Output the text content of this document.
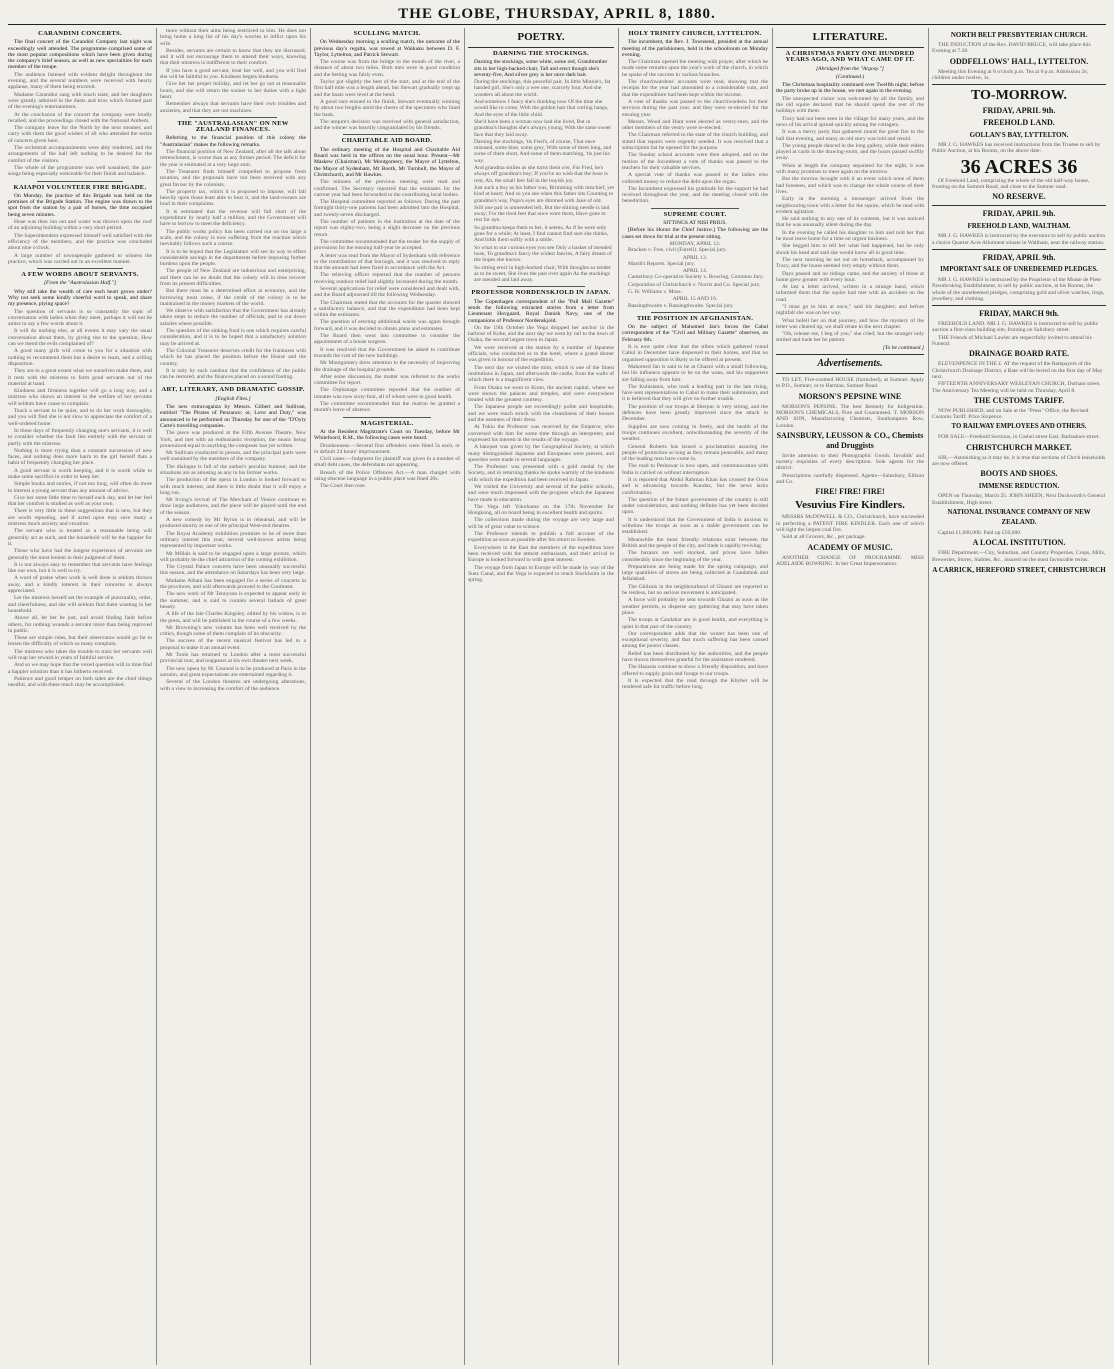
THE GLOBE, THURSDAY, APRIL 8, 1880.
CARANDINI CONCERTS.

The final concert of the Carandini Company last night was exceedingly well attended. The programme comprised some of the most popular compositions which have been given during the company's brief season, as well as new specialities for each member of the troupe.

The audience listened with evident delight throughout the evening, and the several numbers were received with hearty applause, many of them being encored.

Madame Carandini sang with much taste, and her daughters were greatly admired in the duets and trios which formed part of the evening's entertainment.

At the conclusion of the concert the company were loudly recalled, and the proceedings closed with the National Anthem.

The company leave for the North by the next steamer, and carry with them the good wishes of all who attended the series of concerts given here.

The orchestral accompaniments were ably rendered, and the arrangements of the hall left nothing to be desired for the comfort of the visitors.

The whole of the programme was well sustained, the part-songs being especially noticeable for their finish and balance.

KAIAPOI VOLUNTEER FIRE BRIGADE.

On Monday, the practice of this Brigade was held on the premises of the Brigade Station. The engine was drawn to the spot from the station by a pair of horses, the time occupied being seven minutes.

Hose was then run out and water was thrown upon the roof of an adjoining building within a very short period.

The Superintendent expressed himself well satisfied with the efficiency of the members, and the practice was concluded about nine o'clock.

A large number of townspeople gathered to witness the practice, which was carried out in an excellent manner.

A FEW WORDS ABOUT SERVANTS.
[From the "Australasian Half."]

Why still take the wealth of care each heart grows under? Why not seek some kindly cheerful word to speak, and share my presence, plying space?

The question of servants is so constantly the topic of conversation with ladies when they meet, perhaps it will not be amiss to say a few words about it.

It will do nothing else, at all events it may vary the usual conversation about them, by giving rise to the question, How can we mend the evils complained of?

A good many girls will come to you for a situation with nothing to recommend them but a desire to learn, and a willing disposition.

They are to a great extent what we ourselves make them, and it rests with the mistress to form good servants out of the material at hand.

Kindness and firmness together will go a long way, and a mistress who shows an interest in the welfare of her servants will seldom have cause to complain.

Teach a servant to be quiet, and to do her work thoroughly, and you will find she is not slow to appreciate the comfort of a well-ordered home.

In these days of frequently changing one's servants, it is well to consider whether the fault lies entirely with the servant or partly with the mistress.

Nothing is more trying than a constant succession of new faces, and nothing does more harm to the girl herself than a habit of frequently changing her place.

A good servant is worth keeping, and it is worth while to make some sacrifice in order to keep her.

Simple books and stories, if not too long, will often do more to interest a young servant than any amount of advice.

Give her some little time to herself each day, and let her feel that her comfort is studied as well as your own.

There is very little in these suggestions that is new, but they are worth repeating, and if acted upon may save many a mistress much anxiety and vexation.

The servant who is treated as a reasonable being will generally act as such, and the household will be the happier for it.

Those who have had the longest experience of servants are generally the most lenient in their judgment of them.

It is not always easy to remember that servants have feelings like our own, but it is well to try.

A word of praise when work is well done is seldom thrown away, and a kindly interest in their concerns is always appreciated.

Let the mistress herself set the example of punctuality, order, and cheerfulness, and she will seldom find them wanting in her household.

Above all, let her be just, and avoid finding fault before others, for nothing wounds a servant more than being reproved in public.

These are simple rules, but their observance would go far to lessen the difficulty of which so many complain.

The mistress who takes the trouble to train her servants well will reap her reward in years of faithful service.

And so we may hope that the vexed question will in time find a happier solution than it has hitherto received.

Patience and good temper on both sides are the chief things needful, and with these much may be accomplished.

more without their aims being restricted to him. He does not bring home a long list of his day's worries to inflict upon his wife.

Besides, servants are certain to know that they are discussed, and it will not encourage them to amend their ways, knowing that their mistress is indifferent to their comfort.

If you have a good servant, treat her well, and you will find she will be faithful to you. Kindness begets kindness.

Give her her proper holiday, and let her go out at reasonable hours, and she will return the sooner to her duties with a light heart.

Remember always that servants have their own troubles and anxieties, and that they are not machines.

THE "AUSTRALASIAN" ON NEW ZEALAND FINANCES.

Referring to the financial position of this colony the "Australasian" makes the following remarks.

The financial position of New Zealand, after all the talk about retrenchment, is worse than at any former period. The deficit for the year is estimated at a very large sum.

The Treasurer finds himself compelled to propose fresh taxation, and the proposals have not been received with any great favour by the colonists.

The property tax, which it is proposed to impose, will fall heavily upon those least able to bear it, and the land-owners are loud in their complaints.

It is estimated that the revenue will fall short of the expenditure by nearly half a million, and the Government will have to borrow to meet the deficiency.

The public works policy has been carried out on too large a scale, and the colony is now suffering from the reaction which inevitably follows such a course.

It is to be hoped that the Legislature will see its way to effect considerable savings in the departments before imposing further burdens upon the people.

The people of New Zealand are industrious and enterprising, and there can be no doubt that the colony will in time recover from its present difficulties.

But there must be a determined effort at economy, and the borrowing must cease, if the credit of the colony is to be maintained in the money markets of the world.

We observe with satisfaction that the Government has already taken steps to reduce the number of officials, and to cut down salaries where possible.

The question of the sinking fund is one which requires careful consideration, and it is to be hoped that a satisfactory solution may be arrived at.

The Colonial Treasurer deserves credit for the frankness with which he has placed the position before the House and the country.

It is only by such candour that the confidence of the public can be restored, and the finances placed on a sound footing.

ART, LITERARY, AND DRAMATIC GOSSIP.
[English Files.]

The new extravaganza by Messrs. Gilbert and Sullivan, entitled "The Pirates of Penzance; or, Love and Duty," was announced to be performed on Thursday for one of the "D'Oyly Carte's travelling companies.

The piece was produced at the Fifth Avenue Theatre, New York, and met with an enthusiastic reception, the music being pronounced equal to anything the composer has yet written.

Mr Sullivan conducted in person, and the principal parts were well sustained by the members of the company.

The dialogue is full of the author's peculiar humour, and the situations are as amusing as any in his former works.

The production of the opera in London is looked forward to with much interest, and there is little doubt that it will enjoy a long run.

Mr Irving's revival of The Merchant of Venice continues to draw large audiences, and the piece will be played until the end of the season.

A new comedy by Mr Byron is in rehearsal, and will be produced shortly at one of the principal West-end theatres.

The Royal Academy exhibition promises to be of more than ordinary interest this year, several well-known artists being represented by important works.

Mr Millais is said to be engaged upon a large picture, which will probably be the chief attraction of the coming exhibition.

The Crystal Palace concerts have been unusually successful this season, and the attendance on Saturdays has been very large.

Madame Albani has been engaged for a series of concerts in the provinces, and will afterwards proceed to the Continent.

The new work of Mr Tennyson is expected to appear early in the summer, and is said to contain several ballads of great beauty.

A life of the late Charles Kingsley, edited by his widow, is in the press, and will be published in the course of a few weeks.

Mr Browning's new volume has been well received by the critics, though some of them complain of its obscurity.

The success of the recent musical festival has led to a proposal to make it an annual event.

Mr Toole has returned to London after a most successful provincial tour, and reappears at his own theatre next week.

The new opera by M. Gounod is to be produced at Paris in the autumn, and great expectations are entertained regarding it.

Several of the London theatres are undergoing alterations, with a view to increasing the comfort of the audience.

SCULLING MATCH.

On Wednesday morning a sculling match, the outcome of the previous day's regatta, was rowed at Waikuku between D. F. Taylor, Lyttelton, and Patrick Stewart.

The course was from the bridge to the mouth of the river, a distance of about two miles. Both men were in good condition and the betting was fairly even.

Taylor got slightly the best of the start, and at the end of the first half mile was a length ahead, but Stewart gradually crept up and the boats were level at the bend.

A good race ensued to the finish, Stewart eventually winning by about two lengths amid the cheers of the spectators who lined the bank.

The umpire's decision was received with general satisfaction, and the winner was heartily congratulated by his friends.

CHARITABLE AID BOARD.

The ordinary meeting of the Hospital and Charitable Aid Board was held in the offices on the usual hour. Present—Mr Maskew (Chairman), Mr Montgomery, the Mayor of Lyttelton, the Mayor of Sydenham, Mr Booth, Mr Turnbull, the Mayor of Christchurch, and Mr Hawkes.

The minutes of the previous meeting were read and confirmed. The Secretary reported that the estimates for the current year had been forwarded to the contributing local bodies.

The Hospital committee reported as follows: During the past fortnight thirty-one patients had been admitted into the Hospital, and twenty-seven discharged.

The number of patients in the institution at the date of the report was eighty-two, being a slight decrease on the previous return.

The committee recommended that the tender for the supply of provisions for the ensuing half-year be accepted.

A letter was read from the Mayor of Sydenham with reference to the contribution of that borough, and it was resolved to reply that the amount had been fixed in accordance with the Act.

The relieving officer reported that the number of persons receiving outdoor relief had slightly increased during the month.

Several applications for relief were considered and dealt with, and the Board adjourned till the following Wednesday.

The Chairman stated that the accounts for the quarter showed a satisfactory balance, and that the expenditure had been kept within the estimates.

The question of erecting additional wards was again brought forward, and it was decided to obtain plans and estimates.

The Board then went into committee to consider the appointment of a house surgeon.

It was resolved that the Government be asked to contribute towards the cost of the new buildings.

Mr Montgomery drew attention to the necessity of improving the drainage of the hospital grounds.

After some discussion, the matter was referred to the works committee for report.

The Orphanage committee reported that the number of inmates was now sixty-four, all of whom were in good health.

The committee recommended that the matron be granted a month's leave of absence.

MAGISTERIAL.

At the Resident Magistrate's Court on Tuesday, before Mr Whitefoord, R.M., the following cases were heard.

Drunkenness.—Several first offenders were fined 5s each, or in default 24 hours' imprisonment.

Civil cases.—Judgment for plaintiff was given in a number of small debt cases, the defendants not appearing.

Breach of the Police Offences Act.—A man charged with using obscene language in a public place was fined 20s.

The Court then rose.

POETRY.
DARNING THE STOCKINGS.

Darning the stockings, some white, some red, Grandmother sits in her high-backed chair, Tall and erect though she's seventy-five, And silver grey is her once dark hair.

During the stockings, this peaceful pair, In little Minnie's, fat handed girl, She's only a wee one, scarcely four, And she wonders all about the world.

And somehow I fancy she's thinking now Of the time she would like to come, With the golden hair that curling hangs, And the eyes of the little child.

She'd have been a woman now had she lived, But in grandma's thoughts she's always young; With the same sweet face that they laid away.

Darning the stockings, 'tis Fred's, of course, That once misused, some blue, some grey, With some of them long, and some of them short, And some of them matching, 'tis just his way.

And grandma smiles as she turns them o'er, For Fred, he's always off grandma's boy; If you've no wish that the hose is rent, Ah, the small feet fall in the boyish joy.

Just such a boy as his father was, Brimming with mischief, yet kind at heart; And so you see when this father sits Counting to grandma's way, Papa's eyes are dimmed with Jane of old.

Still one pair is unmended left, But the shining needle is laid away; For the tired feet that once wore them, Have gone to rest for aye.

So grandma keeps them to her, it seems, As if he were only gone for a while; At least, I find cannot find sure she thinks, And folds them softly with a smile.

So what to our curious eyes you see Only a basket of mended hose, To grandma's fancy the widest fancies, A fairy dream of the hopes she knows.

So sitting erect in high-backed chair, With thoughts so tender as to be sweet, She lives the past over again As the stockings are mended and laid away.

PROFESSOR NORDENSKJOLD IN JAPAN.

The Copenhagen correspondent of the "Pall Mall Gazette" sends the following extracted stories from a letter from Lieutenant Hovgaard, Royal Danish Navy, one of the companions of Professor Nordenskjold.

On the 19th October the Vega dropped her anchor in the harbour of Kobe, and the next day we went by rail to the town of Osaka, the second largest town in Japan.

We were received at the station by a number of Japanese officials, who conducted us to the hotel, where a grand dinner was given in honour of the expedition.

The next day we visited the mint, which is one of the finest institutions in Japan, and afterwards the castle, from the walls of which there is a magnificent view.

From Osaka we went to Kioto, the ancient capital, where we were shown the palaces and temples, and were everywhere treated with the greatest courtesy.

The Japanese people are exceedingly polite and hospitable, and we were much struck with the cleanliness of their houses and the neatness of their dress.

At Tokio the Professor was received by the Emperor, who conversed with him for some time through an interpreter, and expressed his interest in the results of the voyage.

A banquet was given by the Geographical Society, at which many distinguished Japanese and Europeans were present, and speeches were made in several languages.

The Professor was presented with a gold medal by the Society, and in returning thanks he spoke warmly of the kindness with which the expedition had been received in Japan.

We visited the University and several of the public schools, and were much impressed with the progress which the Japanese have made in education.

The Vega left Yokohama on the 17th November for Hongkong, all on board being in excellent health and spirits.

The collections made during the voyage are very large and will be of great value to science.

The Professor intends to publish a full account of the expedition as soon as possible after his return to Sweden.

Everywhere in the East the members of the expedition have been received with the utmost enthusiasm, and their arrival in Europe is looked forward to with great interest.

The voyage from Japan to Europe will be made by way of the Suez Canal, and the Vega is expected to reach Stockholm in the spring.

HOLY TRINITY CHURCH, LYTTELTON.

The incumbent, the Rev. J. Townsend, presided at the annual meeting of the parishioners, held in the schoolroom on Monday evening.

The Chairman opened the meeting with prayer, after which he made some remarks upon the year's work of the church, in which he spoke of the success in various branches.

The churchwardens' accounts were read, showing that the receipts for the year had amounted to a considerable sum, and that the expenditure had been kept within the income.

A vote of thanks was passed to the churchwardens for their services during the past year, and they were re-elected for the ensuing year.

Messrs. Wood and Hunt were elected as vestry-men, and the other members of the vestry were re-elected.

The Chairman referred to the state of the church building, and stated that repairs were urgently needed. It was resolved that a subscription list be opened for the purpose.

The Sunday school accounts were then adopted, and on the motion of the Incumbent a vote of thanks was passed to the teachers for their valuable services.

A special vote of thanks was passed to the ladies who collected money to reduce the debt upon the organ.

The Incumbent expressed his gratitude for the support he had received throughout the year, and the meeting closed with the benediction.

SUPREME COURT.
SITTINGS AT NISI PRIUS.

[Before his Honor the Chief Justice.] The following are the cases set down for trial at the present sitting.

MONDAY, APRIL 12.

Bracken v. Free, civil (Farrell). Special jury.

APRIL 13.

Marsh's Reports. Special jury.

APRIL 14.

Canterbury Co-operative Society v. Bowring, Common Jury.

Corporation of Christchurch v. Norris and Co. Special jury.

G. H. Williams v. Moss.

APRIL 15 AND 16.

Bassingthwaite v. Bassingthwaite. Special jury.

THE POSITION IN AFGHANISTAN.

On the subject of Mahomed Jan's forces the Cabul correspondent of the "Civil and Military Gazette" observes, on February 6th.

It is now quite clear that the tribes which gathered round Cabul in December have dispersed to their homes, and that no organised opposition is likely to be offered at present.

Mahomed Jan is said to be at Ghazni with a small following, but his influence appears to be on the wane, and his supporters are falling away from him.

The Kohistanis, who took a leading part in the late rising, have sent representatives to Cabul to make their submission, and it is believed that they will give no further trouble.

The position of our troops at Sherpur is very strong, and the defences have been greatly improved since the attack in December.

Supplies are now coming in freely, and the health of the troops continues excellent, notwithstanding the severity of the weather.

General Roberts has issued a proclamation assuring the people of protection so long as they remain peaceable, and many of the leading men have come in.

The road to Peshawar is now open, and communication with India is carried on without interruption.

It is reported that Abdul Rahman Khan has crossed the Oxus and is advancing towards Kunduz, but the news lacks confirmation.

The question of the future government of the country is still under consideration, and nothing definite has yet been decided upon.

It is understood that the Government of India is anxious to withdraw the troops as soon as a stable government can be established.

Meanwhile the most friendly relations exist between the British and the people of the city, and trade is rapidly reviving.

The bazaars are well stocked, and prices have fallen considerably since the beginning of the year.

Preparations are being made for the spring campaign, and large quantities of stores are being collected at Gundamuk and Jellalabad.

The Ghilzais in the neighbourhood of Ghazni are reported to be restless, but no serious movement is anticipated.

A force will probably be sent towards Ghazni as soon as the weather permits, to disperse any gathering that may have taken place.

The troops at Candahar are in good health, and everything is quiet in that part of the country.

Our correspondent adds that the winter has been one of exceptional severity, and that much suffering has been caused among the poorer classes.

Relief has been distributed by the authorities, and the people have shown themselves grateful for the assistance rendered.

The Hazaras continue to show a friendly disposition, and have offered to supply grain and forage to our troops.

It is expected that the road through the Khyber will be rendered safe for traffic before long.

LITERATURE.
A CHRISTMAS PARTY ONE HUNDRED YEARS AGO, AND WHAT CAME OF IT.
[Abridged from the "Argosy."]
(Continued.)

The Christmas hospitality continued over Twelfth night; before the party broke up in the house, we met again in the evening.

The unexpected visitor was welcomed by all the family, and the old squire declared that he should spend the rest of the holidays with them.

Tracy had not been seen in the village for many years, and the news of his arrival spread quickly among the cottagers.

It was a merry party that gathered round the great fire in the hall that evening, and many an old story was told and retold.

The young people danced in the long gallery, while their elders played at cards in the drawing-room, and the hours passed swiftly away.

When at length the company separated for the night, it was with many promises to meet again on the morrow.

But the morrow brought with it an event which none of them had foreseen, and which was to change the whole course of their lives.

Early in the morning a messenger arrived from the neighbouring town with a letter for the squire, which he read with evident agitation.

He said nothing to any one of its contents, but it was noticed that he was unusually silent during the day.

In the evening he called his daughter to him and told her that he must leave home for a time on urgent business.

She begged him to tell her what had happened, but he only shook his head and said she would know all in good time.

The next morning he set out on horseback, accompanied by Tracy, and the house seemed very empty without them.

Days passed and no tidings came, and the anxiety of those at home grew greater with every hour.

At last a letter arrived, written in a strange hand, which informed them that the squire had met with an accident on the road.

"I must go to him at once," said his daughter; and before nightfall she was on her way.

What befell her on that journey, and how the mystery of the letter was cleared up, we shall relate in the next chapter.

"Oh, release me, I beg of you," she cried; but the stranger only smiled and bade her be patient.

[To be continued.]
Advertisements.

TO LET, Five-roomed HOUSE (furnished), at Sumner. Apply to P.O., Sumner, or to Harman, Sumner Road.

MORSON'S PEPSINE WINE

MORSON'S PEPSINE. The best Remedy for Indigestion. MORSON'S CHEMICALS, Pure and Guaranteed. T. MORSON AND SON, Manufacturing Chemists, Southampton Row, London.

SAINSBURY, LEUSSON & CO., Chemists and Druggists

Invite attention to their Photographic Goods. Invalids' and nursery requisites of every description. Sole agents for the district.

Prescriptions carefully dispensed. Agents—Sainsbury, Ellison and Co.

FIRE! FIRE! FIRE!
Vesuvius Fire Kindlers.

MESSRS McDOWELL & CO., Christchurch, have succeeded in perfecting a PATENT FIRE KINDLER. Each one of which will light the largest coal fire.

Sold at all Grocers, &c., per package.

ACADEMY OF MUSIC.

ANOTHER CHANGE OF PROGRAMME. MISS ADELAIDE BOWRING. In her Great Impersonation.

NORTH BELT PRESBYTERIAN CHURCH.

THE INDUCTION of the Rev. DAVID BRUCE, will take place this Evening at 7.30.

ODDFELLOWS' HALL, LYTTELTON.

Meeting this Evening at 8 o'clock p.m. Tea at 6 p.m. Admission 2s; children under twelve, 1s.

TO-MORROW.
FRIDAY, APRIL 9th.
FREEHOLD LAND.
GOLLAN'S BAY, LYTTELTON.

MR J. G. HAWKES has received instructions from the Trustee to sell by Public Auction, at his Rooms, on the above date:

36 ACRES 36

Of Freehold Land, comprising the whole of the old half-way house, fronting on the Summit Road, and close to the Sumner road.

NO RESERVE.
FRIDAY, APRIL 9th.
FREEHOLD LAND, WALTHAM.

MR J. G. HAWKES is instructed by the executors to sell by public auction a choice Quarter Acre Allotment situate in Waltham, near the railway station.

FRIDAY, APRIL 9th.
IMPORTANT SALE OF UNREDEEMED PLEDGES.

MR J. G. HAWKES is instructed by the Proprietor of the Monte de Piete Pawnbroking Establishment, to sell by public auction, at his Rooms, the whole of the unredeemed pledges, comprising gold and silver watches, rings, jewellery, and clothing.

FRIDAY, MARCH 9th.

FREEHOLD LAND. MR J. G. HAWKES is instructed to sell by public auction a first-class building site, fronting on Salisbury street.

THE Friends of Michael Lawler are respectfully invited to attend his Funeral.

DRAINAGE BOARD RATE.

ELEVENPENCE IN THE £. AT the request of the Ratepayers of the Christchurch Drainage District, a Rate will be levied on the first day of May next.

FIFTEENTH ANNIVERSARY WESLEYAN CHURCH, Durham street. The Anniversary Tea Meeting will be held on Thursday, April 8.

THE CUSTOMS TARIFF.

NOW PUBLISHED, and on Sale at the "Press" Office, the Revised Customs Tariff. Price Sixpence.

TO RAILWAY EMPLOYEES AND OTHERS.

FOR SALE—Freehold Sections, in Cashel street East, Barbadoes street.

CHRISTCHURCH MARKET.

SIR,—Astonishing as it may be, it is true that sections of Chrch leaseholds are now offered.

BOOTS AND SHOES.
IMMENSE REDUCTION.

OPEN on Thursday, March 25. JOHN SHEEN, Next Duckworth's General Establishment, High street.

NATIONAL INSURANCE COMPANY OF NEW ZEALAND.

Capital £1,000,000. Paid up £50,000.

A LOCAL INSTITUTION.

FIRE Department.—City, Suburban, and Country Properties, Crops, Mills, Breweries, Stores, Stables, &c., insured on the most favourable terms.

A CARRICK, HEREFORD STREET, CHRISTCHURCH
